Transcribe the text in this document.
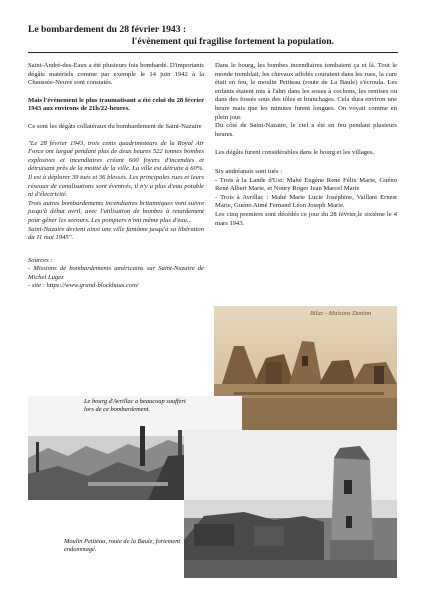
Le bombardement du 28 février 1943 :
l'évènement qui fragilise fortement la population.

Saint-André-des-Eaux a été plusieurs fois bombardé. D'importants dégâts matériels comme par exemple le 14 juin 1942 à la Chaussée-Neuve sont constatés.

Mais l'évènement le plus traumatisant a été celui du 28 février 1943 aux environs de 21h/22-heures.

Ce sont les dégâts collatéraux du bombardement de Saint-Nazaire

"Le 28 février 1943, trois cents quadrimoteurs de la Royal Air Force ont largué pendant plus de deux heures 522 tonnes bombes explosives et incendiaires créant 600 foyers d'incendies et détruisant près de la moitié de la ville. La ville est détruite à 60%. Il est à déplorer 39 tués et 36 blessés. Les principales rues et leurs réseaux de canalisations sont éventrés, il n'y a plus d'eau potable ni d'électricité.

Trois autres bombardements incendiaires britanniques vont suivre jusqu'à début avril, avec l'utilisation de bombes à retardement pour gêner les secours. Les pompiers n'ont même plus d'eau...

Saint-Nazaire devient ainsi une ville fantôme jusqu'à sa libération du 11 mai 1945".

Sources :

- Missions de bombardements américains sur Saint-Nazaire de Michel Lugez

- site : https://www.grand-blockhaus.com/

Dans le bourg, les bombes incendiaires tombaient ça et là. Tout le monde tremblait, les chevaux affolés couraient dans les rues, la cure était en feu, le moulin Petiteau (route de La Baule) s'écroula. Les enfants étaient mis à l'abri dans les soues à cochons, les remises ou dans des fossés sous des tôles et branchages. Cela dura environ une heure mais que les minutes furent longues. On voyait comme en plein jour.

Du côté de Saint-Nazaire, le ciel a été en feu pendant plusieurs heures.

Les dégâts furent considérables dans le bourg et les villages.

Six andréanais sont tués :

- Trois à la Lande d'Ust: Mahé Eugène René Félix Marie, Guéno René Albert Marie, et Noury Roger Jean Marcel Marie

- Trois à Avrillac : Mahé Marie Lucie Joséphine, Vaillant Ernest Marie, Guéno Aimé Fernand Léon Joseph Marie.

Les cinq premiers sont décédés ce jour du 28 février,le sixième le 4 mars 1943.

Bilac - Maisons Danion
Le bourg d'Avrillac a beaucoup souffert lors de ce bombardement.
Moulin Petiteau, route de la Baule, fortement endommagé.
